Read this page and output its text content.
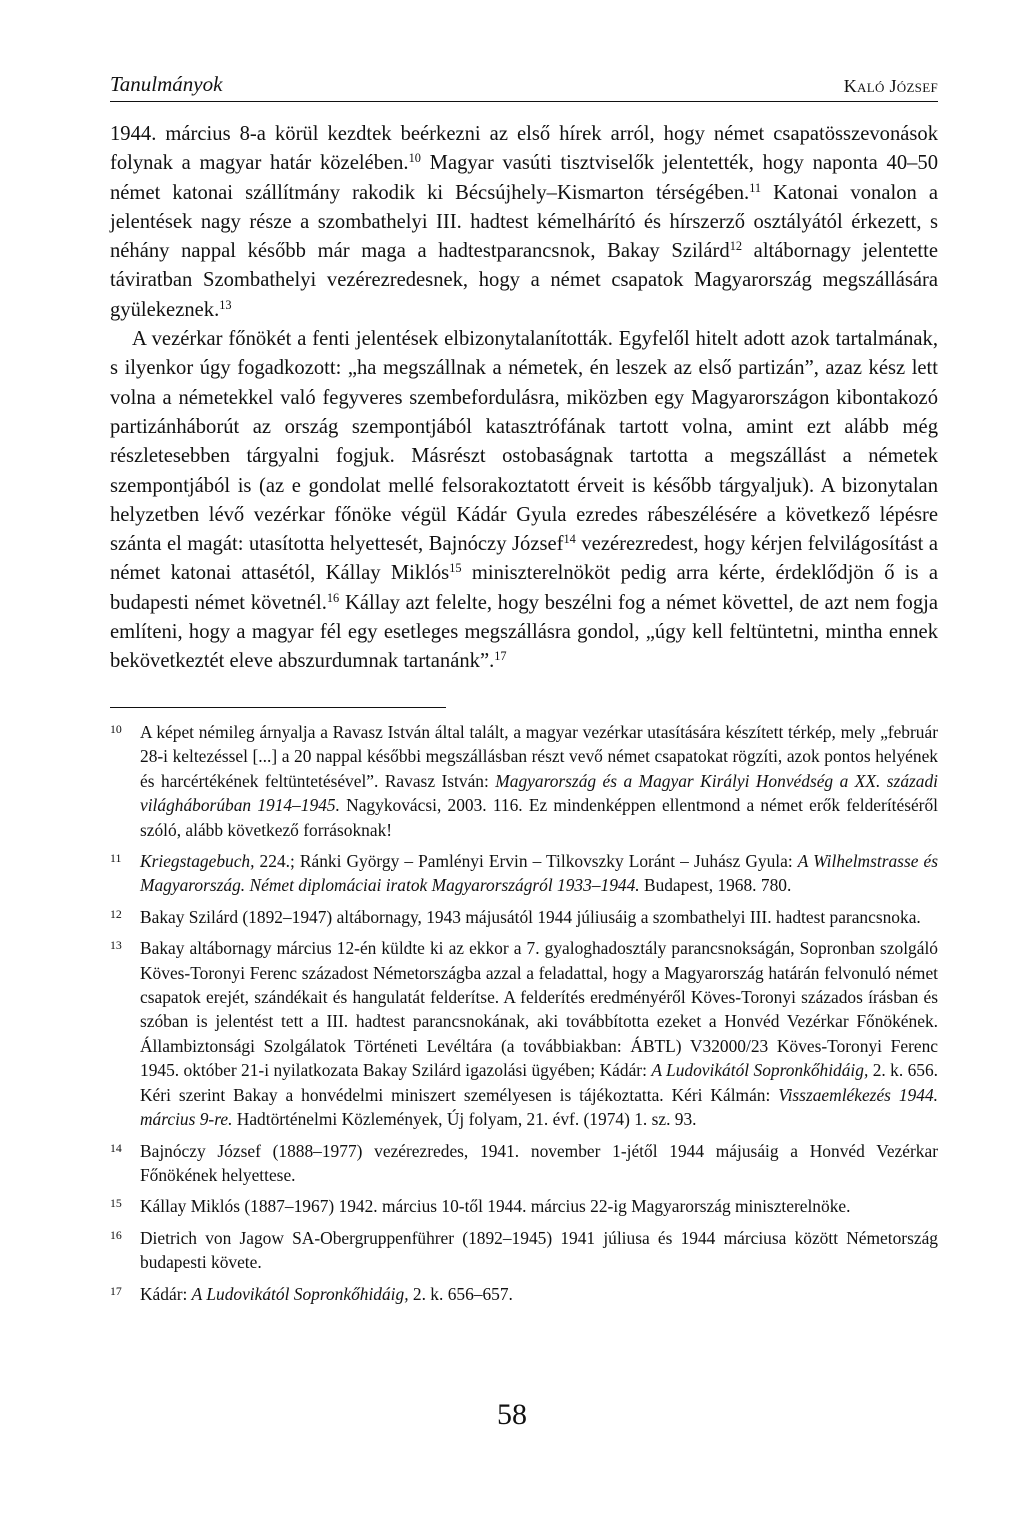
Tanulmányok	Kaló József

1944. március 8-a körül kezdtek beérkezni az első hírek arról, hogy német csapatösszevonások folynak a magyar határ közelében.$^{10}$ Magyar vasúti tisztviselők jelentették, hogy naponta 40–50 német katonai szállítmány rakodik ki Bécsújhely–Kismarton térségében.$^{11}$ Katonai vonalon a jelentések nagy része a szombathelyi III. hadtest kémelhárító és hírszerző osztályától érkezett, s néhány nappal később már maga a hadtestparancsnok, Bakay Szilárd$^{12}$ altábornagy jelentette táviratban Szombathelyi vezérezredesnek, hogy a német csapatok Magyarország megszállására gyülekeznek.$^{13}$

A vezérkar főnökét a fenti jelentések elbizonytalanították. Egyfelől hitelt adott azok tartalmának, s ilyenkor úgy fogadkozott: „ha megszállnak a németek, én leszek az első partizán”, azaz kész lett volna a németekkel való fegyveres szembefordulásra, miközben egy Magyarországon kibontakozó partizánháborút az ország szempontjából katasztrófának tartott volna, amint ezt alább még részletesebben tárgyalni fogjuk. Másrészt ostobaságnak tartotta a megszállást a németek szempontjából is (az e gondolat mellé felsorakoztatott érveit is később tárgyaljuk). A bizonytalan helyzetben lévő vezérkar főnöke végül Kádár Gyula ezredes rábeszélésére a következő lépésre szánta el magát: utasította helyettesét, Bajnóczy József$^{14}$ vezérezredest, hogy kérjen felvilágosítást a német katonai attasétól, Kállay Miklós$^{15}$ miniszterelnököt pedig arra kérte, érdeklődjön ő is a budapesti német követnél.$^{16}$ Kállay azt felelte, hogy beszélni fog a német követtel, de azt nem fogja említeni, hogy a magyar fél egy esetleges megszállásra gondol, „úgy kell feltüntetni, mintha ennek bekövetkeztét eleve abszurdumnak tartanánk”.$^{17}$

10	A képet némileg árnyalja a Ravasz István által talált, a magyar vezérkar utasítására készített térkép, mely „február 28-i keltezéssel [...] a 20 nappal későbbi megszállásban részt vevő német csapatokat rögzíti, azok pontos helyének és harcértékének feltüntetésével”. Ravasz István: Magyarország és a Magyar Királyi Honvédség a XX. századi világháborúban 1914–1945. Nagykovácsi, 2003. 116. Ez mindenképpen ellentmond a német erők felderítéséről szóló, alább következő forrásoknak!
11	Kriegstagebuch, 224.; Ránki György – Pamlényi Ervin – Tilkovszky Loránt – Juhász Gyula: A Wilhelmstrasse és Magyarország. Német diplomáciai iratok Magyarországról 1933–1944. Budapest, 1968. 780.
12	Bakay Szilárd (1892–1947) altábornagy, 1943 májusától 1944 júliusáig a szombathelyi III. hadtest parancsnoka.
13	Bakay altábornagy március 12-én küldte ki az ekkor a 7. gyaloghadosztály parancsnokságán, Sopronban szolgáló Köves-Toronyi Ferenc századost Németországba azzal a feladattal, hogy a Magyarország határán felvonuló német csapatok erejét, szándékait és hangulatát felderítse. A felderítés eredményéről Köves-Toronyi százados írásban és szóban is jelentést tett a III. hadtest parancsnokának, aki továbbította ezeket a Honvéd Vezérkar Főnökének. Állambiztonsági Szolgálatok Történeti Levéltára (a továbbiakban: ÁBTL) V32000/23 Köves-Toronyi Ferenc 1945. október 21-i nyilatkozata Bakay Szilárd igazolási ügyében; Kádár: A Ludovikától Sopronkőhidáig, 2. k. 656. Kéri szerint Bakay a honvédelmi miniszert személyesen is tájékoztatta. Kéri Kálmán: Visszaemlékezés 1944. március 9-re. Hadtörténelmi Közlemények, Új folyam, 21. évf. (1974) 1. sz. 93.
14	Bajnóczy József (1888–1977) vezérezredes, 1941. november 1-jétől 1944 májusáig a Honvéd Vezérkar Főnökének helyettese.
15	Kállay Miklós (1887–1967) 1942. március 10-től 1944. március 22-ig Magyarország miniszterelnöke.
16	Dietrich von Jagow SA-Obergruppenführer (1892–1945) 1941 júliusa és 1944 márciusa között Németország budapesti követe.
17	Kádár: A Ludovikától Sopronkőhidáig, 2. k. 656–657.
58
